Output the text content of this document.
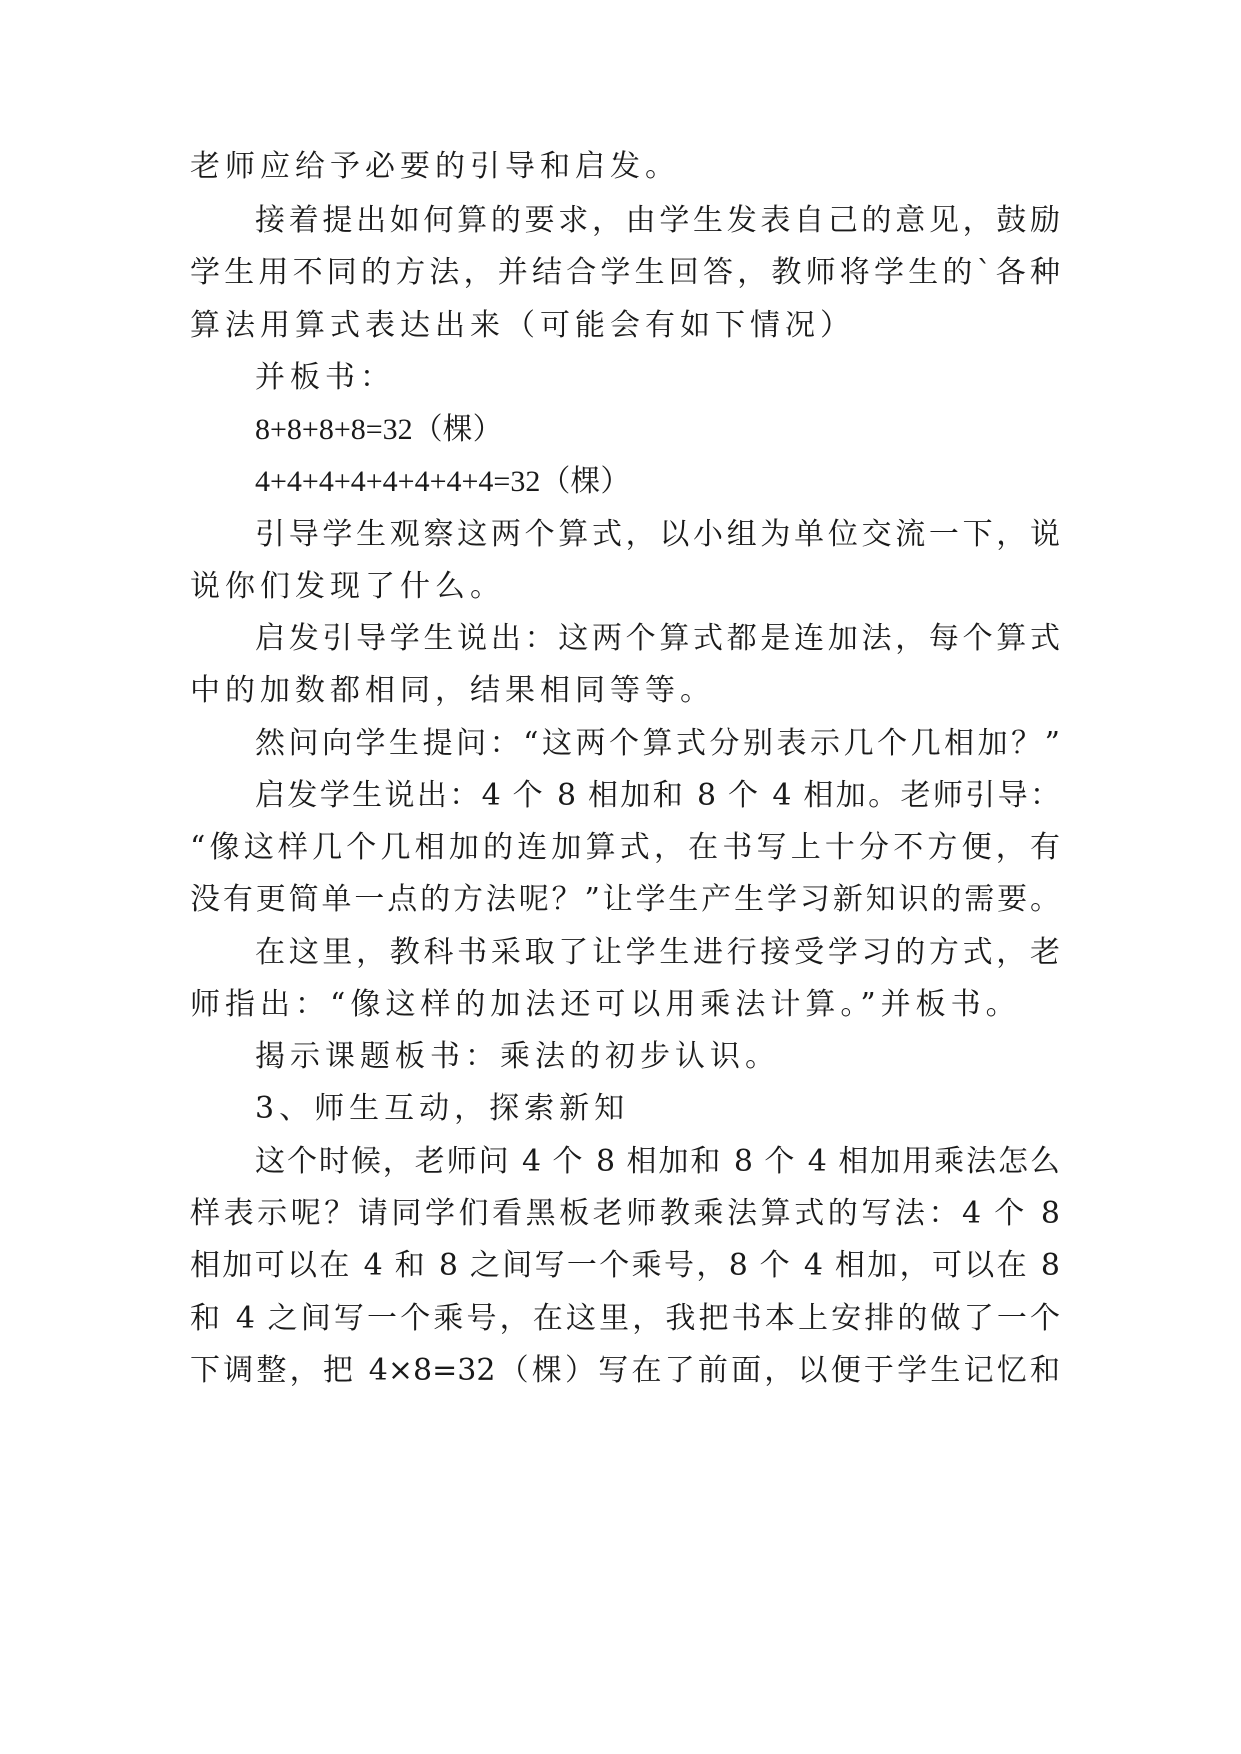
老师应给予必要的引导和启发。
接着提出如何算的要求，由学生发表自己的意见，鼓励
学生用不同的方法，并结合学生回答，教师将学生的`各种
算法用算式表达出来（可能会有如下情况）
并板书：
8+8+8+8=32（棵）
4+4+4+4+4+4+4+4=32（棵）
引导学生观察这两个算式，以小组为单位交流一下，说
说你们发现了什么。
启发引导学生说出：这两个算式都是连加法，每个算式
中的加数都相同，结果相同等等。
然问向学生提问：“这两个算式分别表示几个几相加？”
启发学生说出：4 个 8 相加和 8 个 4 相加。老师引导：
“像这样几个几相加的连加算式，在书写上十分不方便，有
没有更简单一点的方法呢？”让学生产生学习新知识的需要。
在这里，教科书采取了让学生进行接受学习的方式，老
师指出：“像这样的加法还可以用乘法计算。”并板书。
揭示课题板书：乘法的初步认识。
3、师生互动，探索新知
这个时候，老师问 4 个 8 相加和 8 个 4 相加用乘法怎么
样表示呢？请同学们看黑板老师教乘法算式的写法：4 个 8
相加可以在 4 和 8 之间写一个乘号，8 个 4 相加，可以在 8
和 4 之间写一个乘号，在这里，我把书本上安排的做了一个
下调整，把 4×8=32（棵）写在了前面，以便于学生记忆和
